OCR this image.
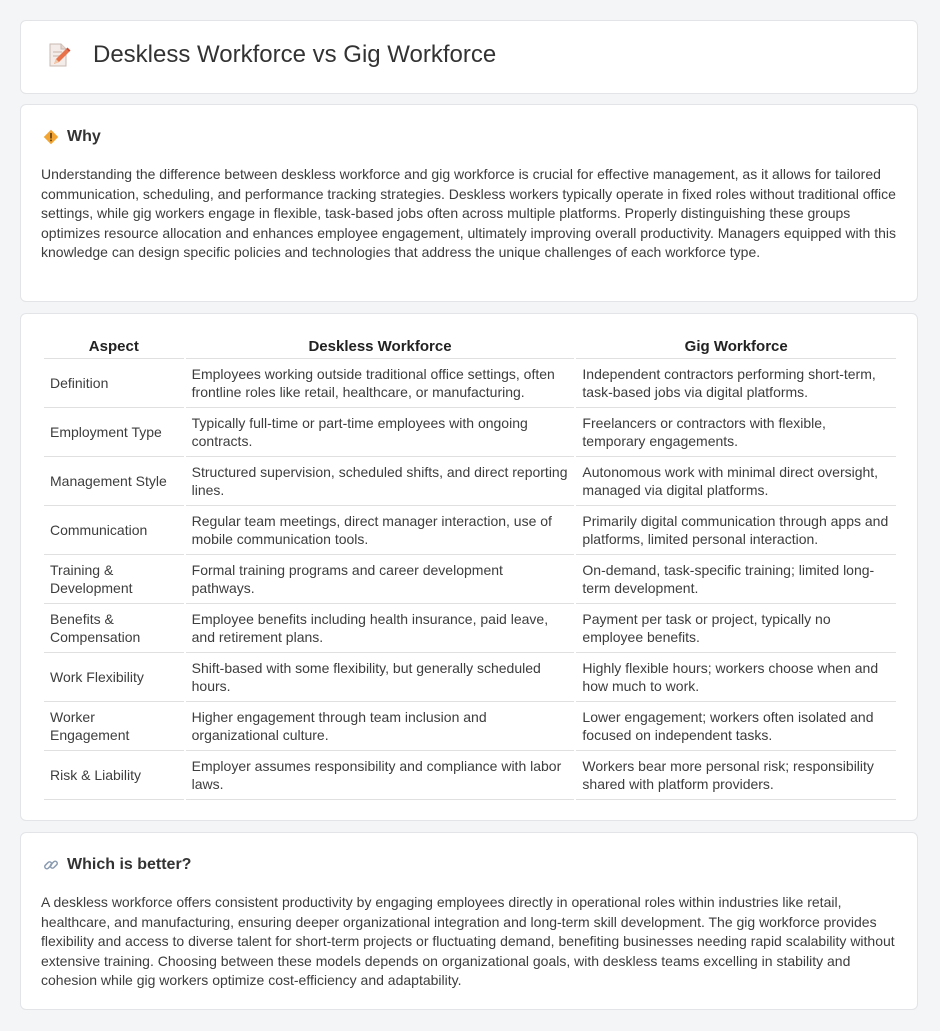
Deskless Workforce vs Gig Workforce
Why

Understanding the difference between deskless workforce and gig workforce is crucial for effective management, as it allows for tailored communication, scheduling, and performance tracking strategies. Deskless workers typically operate in fixed roles without traditional office settings, while gig workers engage in flexible, task-based jobs often across multiple platforms. Properly distinguishing these groups optimizes resource allocation and enhances employee engagement, ultimately improving overall productivity. Managers equipped with this knowledge can design specific policies and technologies that address the unique challenges of each workforce type.

Aspect	Deskless Workforce	Gig Workforce
Definition	Employees working outside traditional office settings, often frontline roles like retail, healthcare, or manufacturing.	Independent contractors performing short-term, task-based jobs via digital platforms.
Employment Type	Typically full-time or part-time employees with ongoing contracts.	Freelancers or contractors with flexible, temporary engagements.
Management Style	Structured supervision, scheduled shifts, and direct reporting lines.	Autonomous work with minimal direct oversight, managed via digital platforms.
Communication	Regular team meetings, direct manager interaction, use of mobile communication tools.	Primarily digital communication through apps and platforms, limited personal interaction.
Training & Development	Formal training programs and career development pathways.	On-demand, task-specific training; limited long-term development.
Benefits & Compensation	Employee benefits including health insurance, paid leave, and retirement plans.	Payment per task or project, typically no employee benefits.
Work Flexibility	Shift-based with some flexibility, but generally scheduled hours.	Highly flexible hours; workers choose when and how much to work.
Worker Engagement	Higher engagement through team inclusion and organizational culture.	Lower engagement; workers often isolated and focused on independent tasks.
Risk & Liability	Employer assumes responsibility and compliance with labor laws.	Workers bear more personal risk; responsibility shared with platform providers.
Which is better?

A deskless workforce offers consistent productivity by engaging employees directly in operational roles within industries like retail, healthcare, and manufacturing, ensuring deeper organizational integration and long-term skill development. The gig workforce provides flexibility and access to diverse talent for short-term projects or fluctuating demand, benefiting businesses needing rapid scalability without extensive training. Choosing between these models depends on organizational goals, with deskless teams excelling in stability and cohesion while gig workers optimize cost-efficiency and adaptability.
